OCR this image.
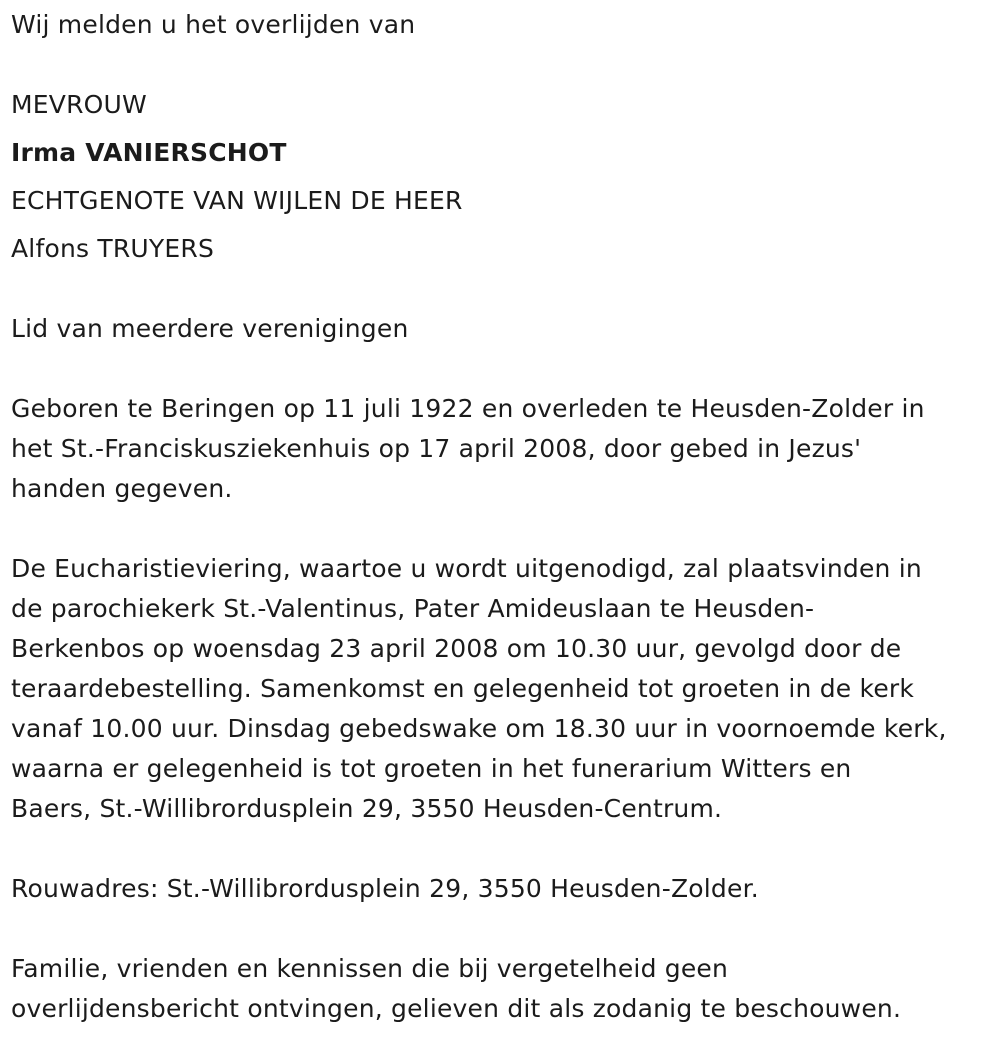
Wij melden u het overlijden van

MEVROUW

Irma VANIERSCHOT

ECHTGENOTE VAN WIJLEN DE HEER

Alfons TRUYERS

Lid van meerdere verenigingen

Geboren te Beringen op 11 juli 1922 en overleden te Heusden-Zolder in

het St.-Franciskusziekenhuis op 17 april 2008, door gebed in Jezus'

handen gegeven.

De Eucharistieviering, waartoe u wordt uitgenodigd, zal plaatsvinden in

de parochiekerk St.-Valentinus, Pater Amideuslaan te Heusden-

Berkenbos op woensdag 23 april 2008 om 10.30 uur, gevolgd door de

teraardebestelling. Samenkomst en gelegenheid tot groeten in de kerk

vanaf 10.00 uur. Dinsdag gebedswake om 18.30 uur in voornoemde kerk,

waarna er gelegenheid is tot groeten in het funerarium Witters en

Baers, St.-Willibrordusplein 29, 3550 Heusden-Centrum.

Rouwadres: St.-Willibrordusplein 29, 3550 Heusden-Zolder.

Familie, vrienden en kennissen die bij vergetelheid geen

overlijdensbericht ontvingen, gelieven dit als zodanig te beschouwen.
